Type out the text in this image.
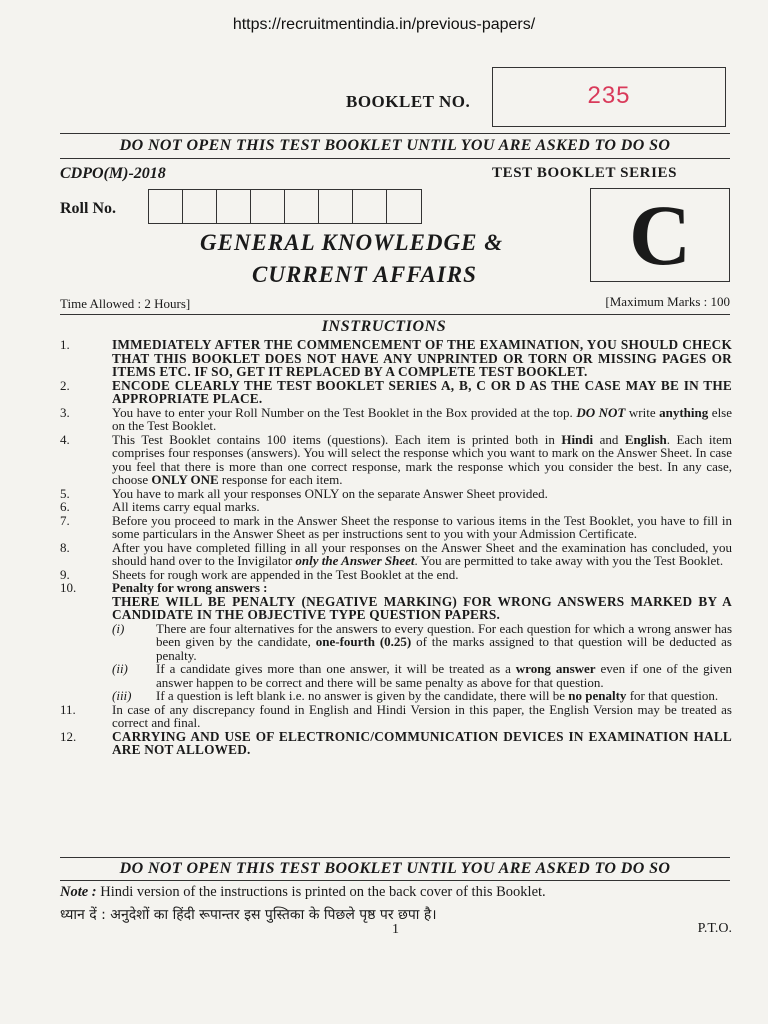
https://recruitmentindia.in/previous-papers/
BOOKLET NO.	235
DO NOT OPEN THIS TEST BOOKLET UNTIL YOU ARE ASKED TO DO SO
CDPO(M)-2018	TEST BOOKLET SERIES
Roll No.	C
GENERAL KNOWLEDGE &
CURRENT AFFAIRS
Time Allowed : 2 Hours]	[Maximum Marks : 100
INSTRUCTIONS
1.	IMMEDIATELY AFTER THE COMMENCEMENT OF THE EXAMINATION, YOU SHOULD CHECK THAT THIS BOOKLET DOES NOT HAVE ANY UNPRINTED OR TORN OR MISSING PAGES OR ITEMS ETC. IF SO, GET IT REPLACED BY A COMPLETE TEST BOOKLET.
2.	ENCODE CLEARLY THE TEST BOOKLET SERIES A, B, C OR D AS THE CASE MAY BE IN THE APPROPRIATE PLACE.
3.	You have to enter your Roll Number on the Test Booklet in the Box provided at the top. DO NOT write anything else on the Test Booklet.
4.	This Test Booklet contains 100 items (questions). Each item is printed both in Hindi and English. Each item comprises four responses (answers). You will select the response which you want to mark on the Answer Sheet. In case you feel that there is more than one correct response, mark the response which you consider the best. In any case, choose ONLY ONE response for each item.
5.	You have to mark all your responses ONLY on the separate Answer Sheet provided.
6.	All items carry equal marks.
7.	Before you proceed to mark in the Answer Sheet the response to various items in the Test Booklet, you have to fill in some particulars in the Answer Sheet as per instructions sent to you with your Admission Certificate.
8.	After you have completed filling in all your responses on the Answer Sheet and the examination has concluded, you should hand over to the Invigilator only the Answer Sheet. You are permitted to take away with you the Test Booklet.
9.	Sheets for rough work are appended in the Test Booklet at the end.
10.	Penalty for wrong answers :
THERE WILL BE PENALTY (NEGATIVE MARKING) FOR WRONG ANSWERS MARKED BY A CANDIDATE IN THE OBJECTIVE TYPE QUESTION PAPERS.
(i)	There are four alternatives for the answers to every question. For each question for which a wrong answer has been given by the candidate, one-fourth (0.25) of the marks assigned to that question will be deducted as penalty.
(ii)	If a candidate gives more than one answer, it will be treated as a wrong answer even if one of the given answer happen to be correct and there will be same penalty as above for that question.
(iii)	If a question is left blank i.e. no answer is given by the candidate, there will be no penalty for that question.
11.	In case of any discrepancy found in English and Hindi Version in this paper, the English Version may be treated as correct and final.
12.	CARRYING AND USE OF ELECTRONIC/COMMUNICATION DEVICES IN EXAMINATION HALL ARE NOT ALLOWED.
DO NOT OPEN THIS TEST BOOKLET UNTIL YOU ARE ASKED TO DO SO
Note : Hindi version of the instructions is printed on the back cover of this Booklet.
ध्यान दें : अनुदेशों का हिंदी रूपान्तर इस पुस्तिका के पिछले पृष्ठ पर छपा है।
1	P.T.O.
